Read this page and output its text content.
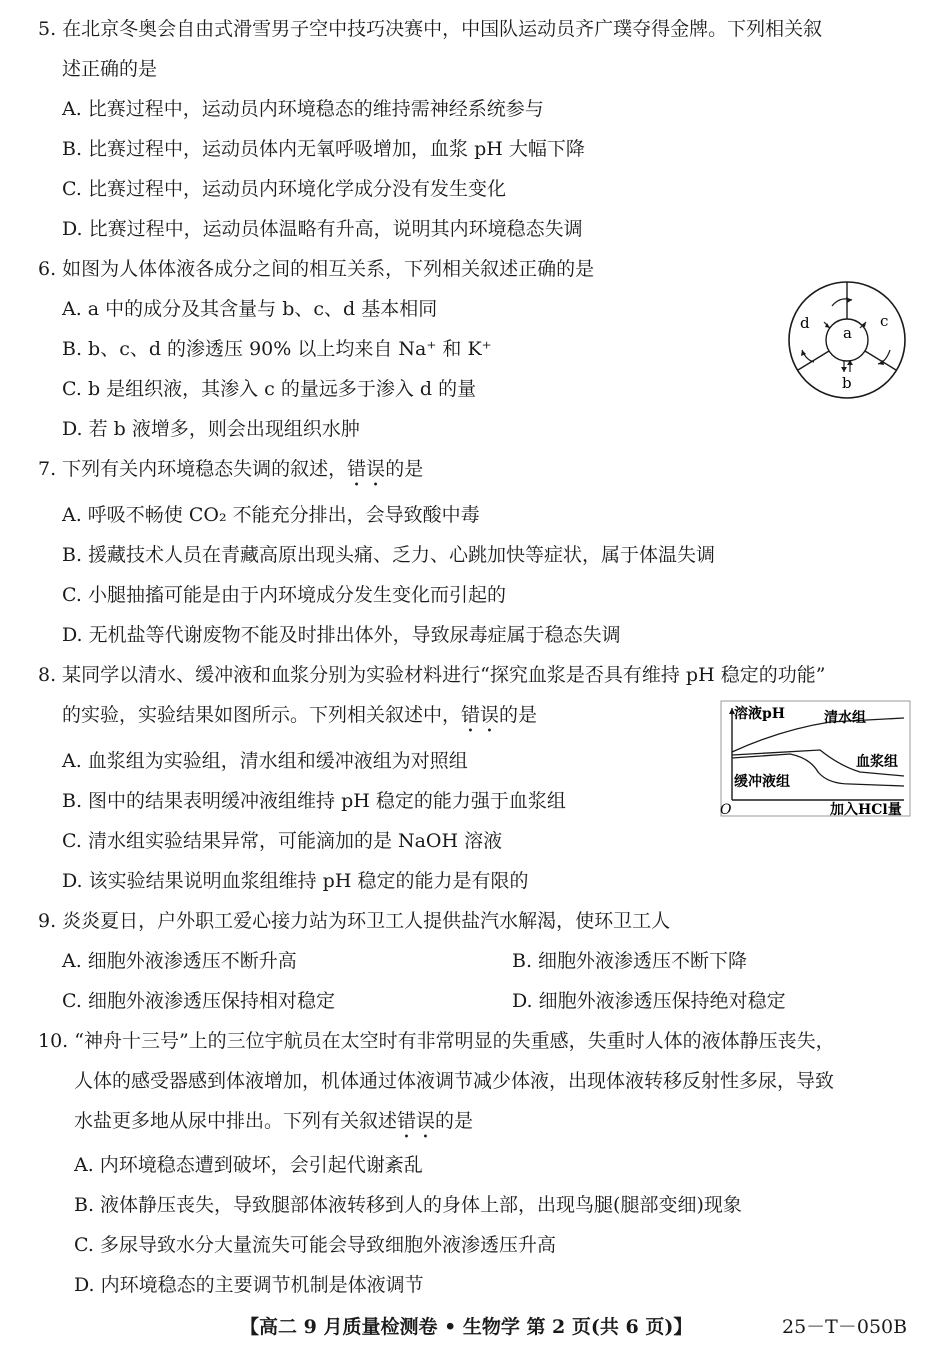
5. 在北京冬奥会自由式滑雪男子空中技巧决赛中，中国队运动员齐广璞夺得金牌。下列相关叙
述正确的是
A. 比赛过程中，运动员内环境稳态的维持需神经系统参与
B. 比赛过程中，运动员体内无氧呼吸增加，血浆 pH 大幅下降
C. 比赛过程中，运动员内环境化学成分没有发生变化
D. 比赛过程中，运动员体温略有升高，说明其内环境稳态失调
6. 如图为人体体液各成分之间的相互关系，下列相关叙述正确的是
A. a 中的成分及其含量与 b、c、d 基本相同
B. b、c、d 的渗透压 90% 以上均来自 Na⁺ 和 K⁺
C. b 是组织液，其渗入 c 的量远多于渗入 d 的量
D. 若 b 液增多，则会出现组织水肿
a
d	c
b
7. 下列有关内环境稳态失调的叙述，错误的是
A. 呼吸不畅使 CO₂ 不能充分排出，会导致酸中毒
B. 援藏技术人员在青藏高原出现头痛、乏力、心跳加快等症状，属于体温失调
C. 小腿抽搐可能是由于内环境成分发生变化而引起的
D. 无机盐等代谢废物不能及时排出体外，导致尿毒症属于稳态失调
8. 某同学以清水、缓冲液和血浆分别为实验材料进行“探究血浆是否具有维持 pH 稳定的功能”
的实验，实验结果如图所示。下列相关叙述中，错误的是
A. 血浆组为实验组，清水组和缓冲液组为对照组
B. 图中的结果表明缓冲液组维持 pH 稳定的能力强于血浆组
C. 清水组实验结果异常，可能滴加的是 NaOH 溶液
D. 该实验结果说明血浆组维持 pH 稳定的能力是有限的
溶液pH
O	加入HCl量
清水组
血浆组
缓冲液组
9. 炎炎夏日，户外职工爱心接力站为环卫工人提供盐汽水解渴，使环卫工人
A. 细胞外液渗透压不断升高	B. 细胞外液渗透压不断下降
C. 细胞外液渗透压保持相对稳定	D. 细胞外液渗透压保持绝对稳定
10. “神舟十三号”上的三位宇航员在太空时有非常明显的失重感，失重时人体的液体静压丧失，
人体的感受器感到体液增加，机体通过体液调节减少体液，出现体液转移反射性多尿，导致
水盐更多地从尿中排出。下列有关叙述错误的是
A. 内环境稳态遭到破坏，会引起代谢紊乱
B. 液体静压丧失，导致腿部体液转移到人的身体上部，出现鸟腿(腿部变细)现象
C. 多尿导致水分大量流失可能会导致细胞外液渗透压升高
D. 内环境稳态的主要调节机制是体液调节
【高二 9 月质量检测卷 • 生物学 第 2 页(共 6 页)】	25－T－050B
